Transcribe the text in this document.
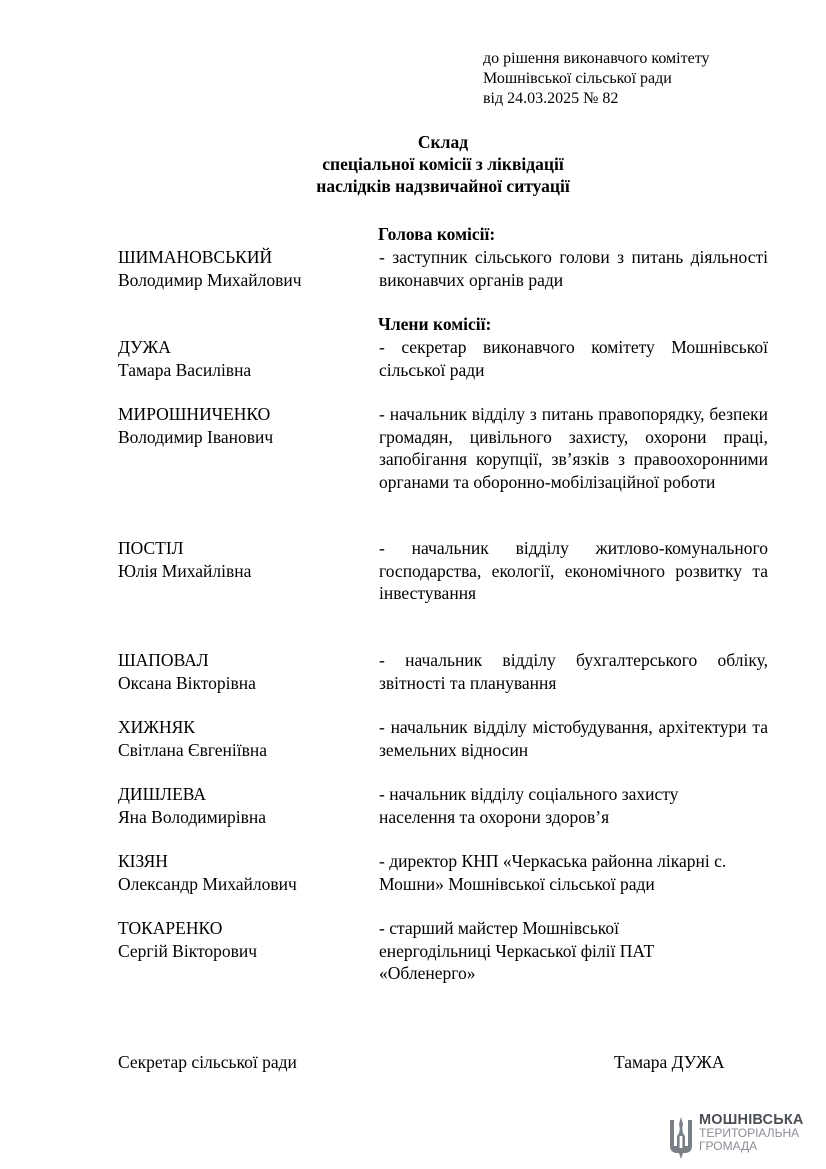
до рішення виконавчого комітету
Мошнівської сільської ради
від 24.03.2025 № 82
Склад
спеціальної комісії з ліквідації
наслідків надзвичайної ситуації
Голова комісії:
ШИМАНОВСЬКИЙ
Володимир Михайлович
- заступник сільського голови з питань діяльності виконавчих органів ради
Члени комісії:
ДУЖА
Тамара Василівна
- секретар виконавчого комітету Мошнівської сільської ради
МИРОШНИЧЕНКО
Володимир Іванович
- начальник відділу з питань правопорядку, безпеки громадян, цивільного захисту, охорони праці, запобігання корупції, зв’язків з правоохоронними органами та оборонно-мобілізаційної роботи
ПОСТІЛ
Юлія Михайлівна
- начальник відділу житлово-комунального господарства, екології, економічного розвитку та інвестування
ШАПОВАЛ
Оксана Вікторівна
- начальник відділу бухгалтерського обліку, звітності та планування
ХИЖНЯК
Світлана Євгеніївна
- начальник відділу містобудування, архітектури та земельних відносин
ДИШЛЕВА
Яна Володимирівна
- начальник відділу соціального захисту населення та охорони здоров’я
КІЗЯН
Олександр Михайлович
- директор КНП «Черкаська районна лікарні с. Мошни» Мошнівської сільської ради
ТОКАРЕНКО
Сергій Вікторович
- старший майстер Мошнівської енергодільниці Черкаської філії ПАТ «Обленерго»
Секретар сільської ради	Тамара ДУЖА
МОШНІВСЬКА
ТЕРИТОРІАЛЬНА
ГРОМАДА
